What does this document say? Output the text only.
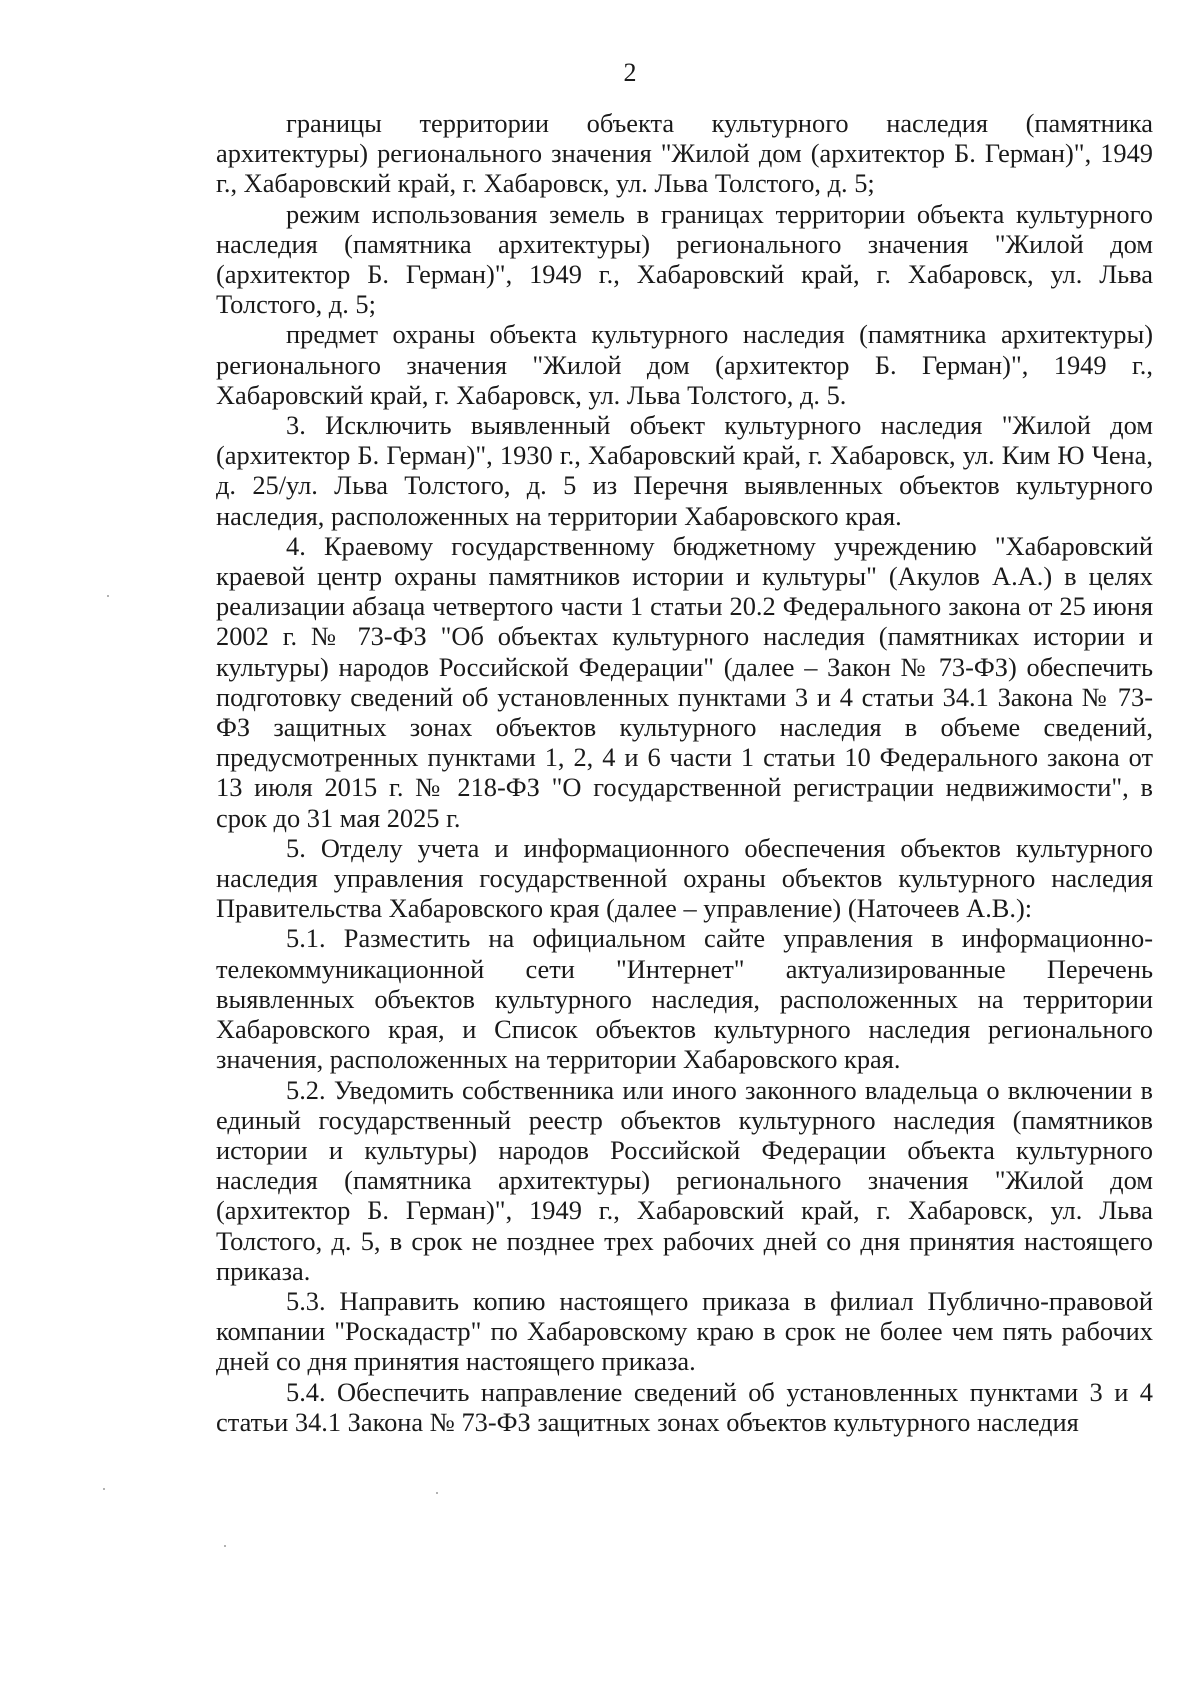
2

границы территории объекта культурного наследия (памятника архитектуры) регионального значения "Жилой дом (архитектор Б. Герман)", 1949 г., Хабаровский край, г. Хабаровск, ул. Льва Толстого, д. 5;

режим использования земель в границах территории объекта культурного наследия (памятника архитектуры) регионального значения "Жилой дом (архитектор Б. Герман)", 1949 г., Хабаровский край, г. Хабаровск, ул. Льва Толстого, д. 5;

предмет охраны объекта культурного наследия (памятника архитектуры) регионального значения "Жилой дом (архитектор Б. Герман)", 1949 г., Хабаровский край, г. Хабаровск, ул. Льва Толстого, д. 5.

3. Исключить выявленный объект культурного наследия "Жилой дом (архитектор Б. Герман)", 1930 г., Хабаровский край, г. Хабаровск, ул. Ким Ю Чена, д. 25/ул. Льва Толстого, д. 5 из Перечня выявленных объектов культурного наследия, расположенных на территории Хабаровского края.

4. Краевому государственному бюджетному учреждению "Хабаровский краевой центр охраны памятников истории и культуры" (Акулов А.А.) в целях реализации абзаца четвертого части 1 статьи 20.2 Федерального закона от 25 июня 2002 г. № 73-ФЗ "Об объектах культурного наследия (памятниках истории и культуры) народов Российской Федерации" (далее – Закон № 73-ФЗ) обеспечить подготовку сведений об установленных пунктами 3 и 4 статьи 34.1 Закона № 73-ФЗ защитных зонах объектов культурного наследия в объеме сведений, предусмотренных пунктами 1, 2, 4 и 6 части 1 статьи 10 Федерального закона от 13 июля 2015 г. № 218-ФЗ "О государственной регистрации недвижимости", в срок до 31 мая 2025 г.

5. Отделу учета и информационного обеспечения объектов культурного наследия управления государственной охраны объектов культурного наследия Правительства Хабаровского края (далее – управление) (Наточеев А.В.):

5.1. Разместить на официальном сайте управления в информационно-телекоммуникационной сети "Интернет" актуализированные Перечень выявленных объектов культурного наследия, расположенных на территории Хабаровского края, и Список объектов культурного наследия регионального значения, расположенных на территории Хабаровского края.

5.2. Уведомить собственника или иного законного владельца о включении в единый государственный реестр объектов культурного наследия (памятников истории и культуры) народов Российской Федерации объекта культурного наследия (памятника архитектуры) регионального значения "Жилой дом (архитектор Б. Герман)", 1949 г., Хабаровский край, г. Хабаровск, ул. Льва Толстого, д. 5, в срок не позднее трех рабочих дней со дня принятия настоящего приказа.

5.3. Направить копию настоящего приказа в филиал Публично-правовой компании "Роскадастр" по Хабаровскому краю в срок не более чем пять рабочих дней со дня принятия настоящего приказа.

5.4. Обеспечить направление сведений об установленных пунктами 3 и 4 статьи 34.1 Закона № 73-ФЗ защитных зонах объектов культурного наследия
